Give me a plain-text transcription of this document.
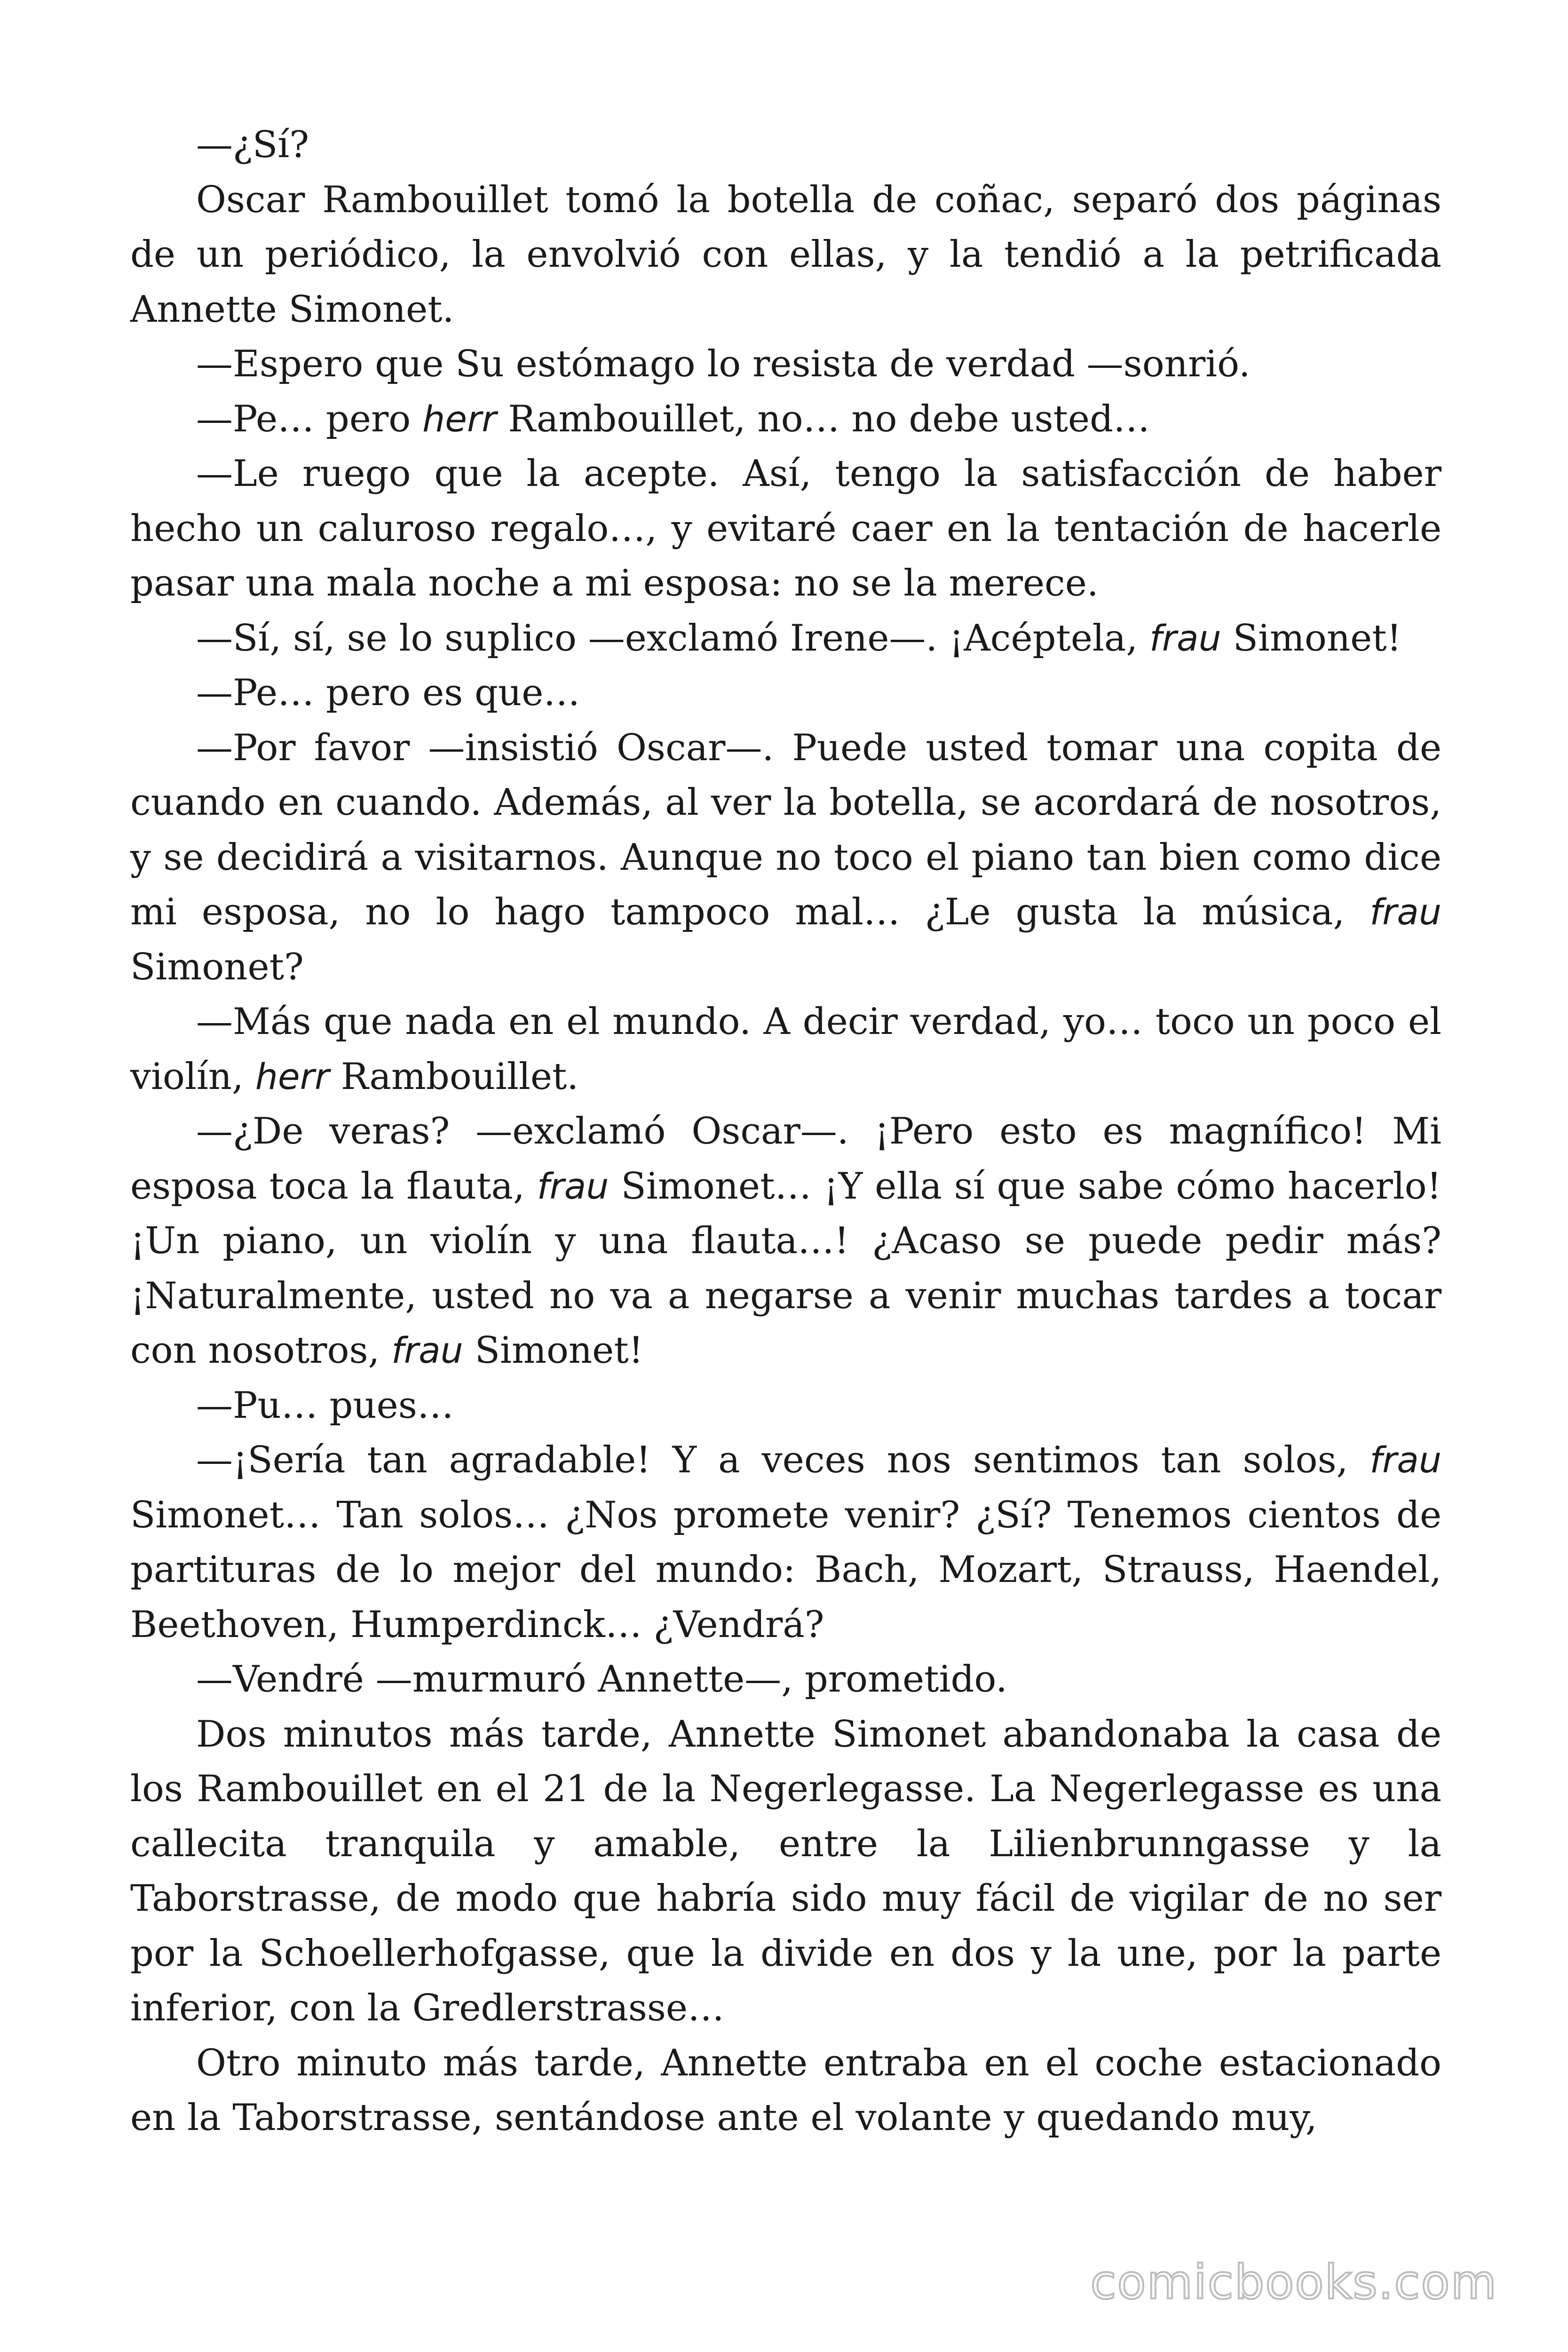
—¿Sí?

Oscar Rambouillet tomó la botella de coñac, separó dos páginas de un periódico, la envolvió con ellas, y la tendió a la petrificada Annette Simonet.

—Espero que Su estómago lo resista de verdad —sonrió.

—Pe… pero herr Rambouillet, no… no debe usted…

—Le ruego que la acepte. Así, tengo la satisfacción de haber hecho un caluroso regalo…, y evitaré caer en la tentación de hacerle pasar una mala noche a mi esposa: no se la merece.

—Sí, sí, se lo suplico —exclamó Irene—. ¡Acéptela, frau Simonet!

—Pe… pero es que…

—Por favor —insistió Oscar—. Puede usted tomar una copita de cuando en cuando. Además, al ver la botella, se acordará de nosotros, y se decidirá a visitarnos. Aunque no toco el piano tan bien como dice mi esposa, no lo hago tampoco mal… ¿Le gusta la música, frau Simonet?

—Más que nada en el mundo. A decir verdad, yo… toco un poco el violín, herr Rambouillet.

—¿De veras? —exclamó Oscar—. ¡Pero esto es magnífico! Mi esposa toca la flauta, frau Simonet… ¡Y ella sí que sabe cómo hacerlo! ¡Un piano, un violín y una flauta…! ¿Acaso se puede pedir más? ¡Naturalmente, usted no va a negarse a venir muchas tardes a tocar con nosotros, frau Simonet!

—Pu… pues…

—¡Sería tan agradable! Y a veces nos sentimos tan solos, frau Simonet… Tan solos… ¿Nos promete venir? ¿Sí? Tenemos cientos de partituras de lo mejor del mundo: Bach, Mozart, Strauss, Haendel, Beethoven, Humperdinck… ¿Vendrá?

—Vendré —murmuró Annette—, prometido.

Dos minutos más tarde, Annette Simonet abandonaba la casa de los Rambouillet en el 21 de la Negerlegasse. La Negerlegasse es una callecita tranquila y amable, entre la Lilienbrunngasse y la Taborstrasse, de modo que habría sido muy fácil de vigilar de no ser por la Schoellerhofgasse, que la divide en dos y la une, por la parte inferior, con la Gredlerstrasse…

Otro minuto más tarde, Annette entraba en el coche estacionado en la Taborstrasse, sentándose ante el volante y quedando muy,

comicbooks.com
